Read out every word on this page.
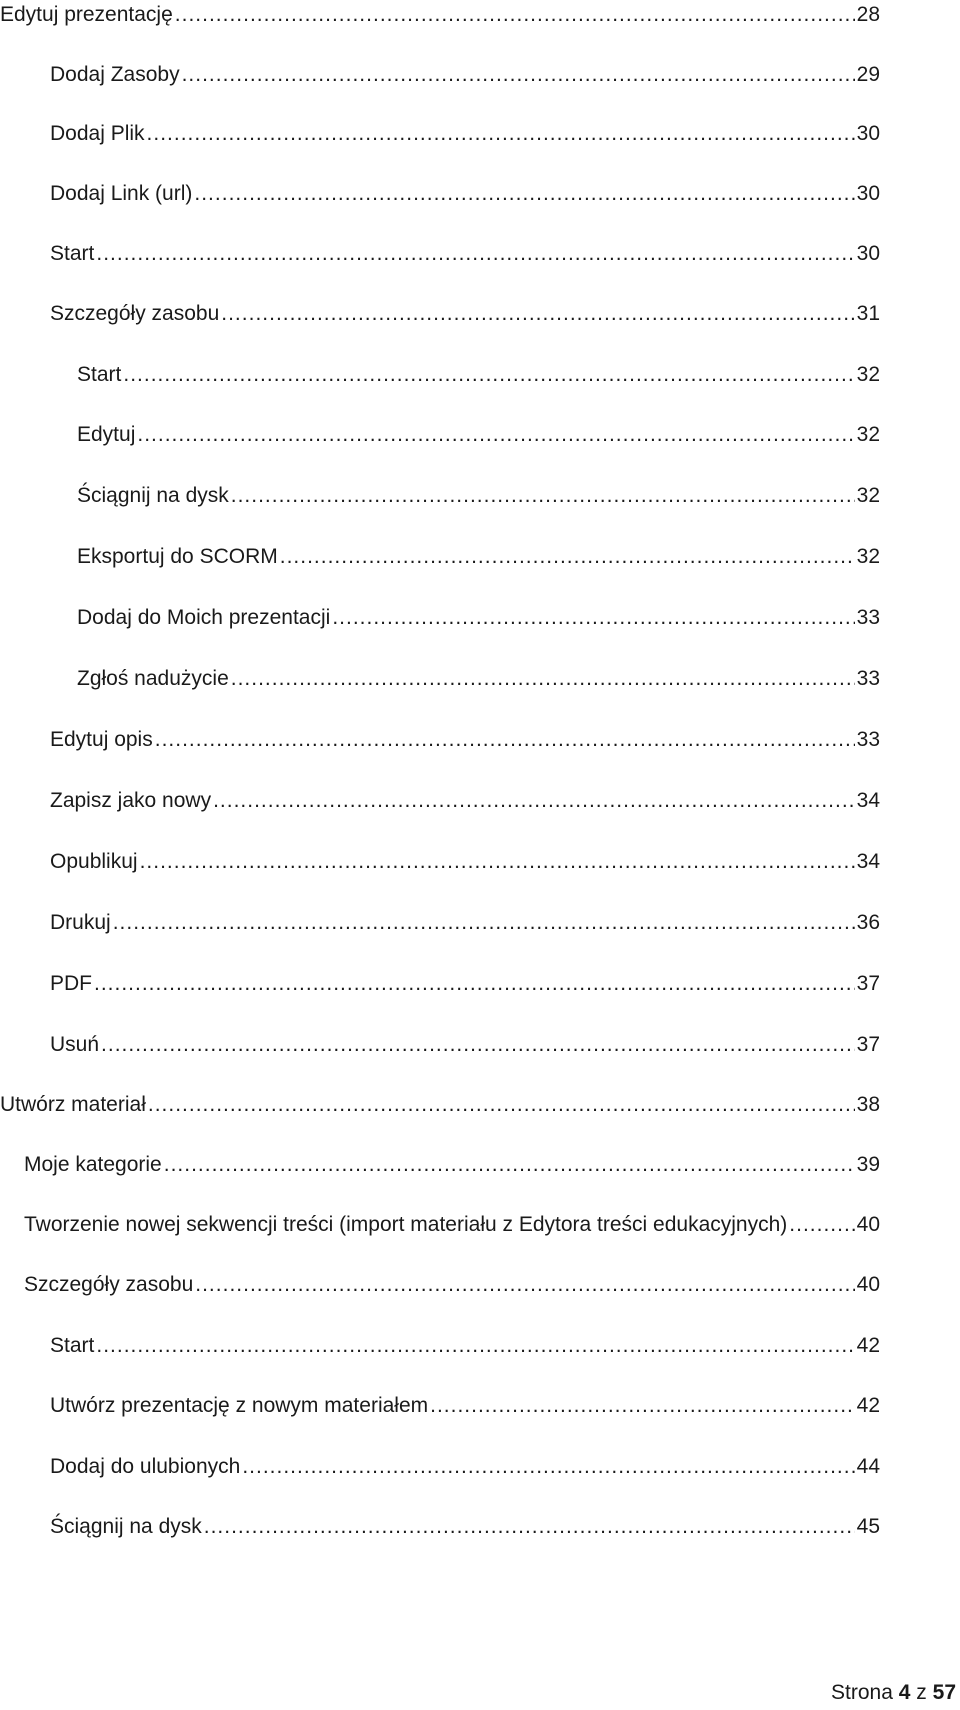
Edytuj prezentację .....	28
Dodaj Zasoby .....	29
Dodaj Plik .....	30
Dodaj Link (url) .....	30
Start .....	30
Szczegóły zasobu .....	31
Start .....	32
Edytuj .....	32
Ściągnij na dysk .....	32
Eksportuj do SCORM .....	32
Dodaj do Moich prezentacji .....	33
Zgłoś nadużycie .....	33
Edytuj opis .....	33
Zapisz jako nowy .....	34
Opublikuj .....	34
Drukuj .....	36
PDF .....	37
Usuń .....	37
Utwórz materiał .....	38
Moje kategorie .....	39
Tworzenie nowej sekwencji treści (import materiału z Edytora treści edukacyjnych) .....	40
Szczegóły zasobu .....	40
Start .....	42
Utwórz prezentację z nowym materiałem .....	42
Dodaj do ulubionych .....	44
Ściągnij na dysk .....	45
Strona 4 z 57
